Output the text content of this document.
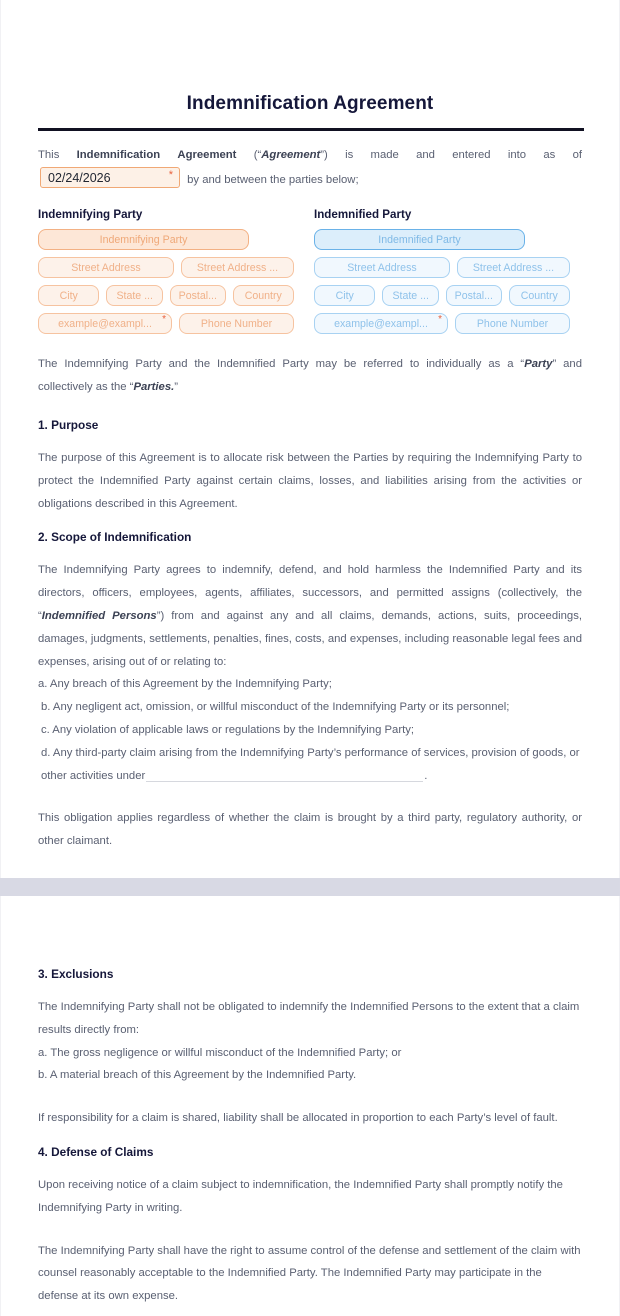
Indemnification Agreement
This Indemnification Agreement (“Agreement”) is made and entered into as of
02/24/2026	* by and between the parties below;
Indemnifying Party
Indemnifying Party
Street Address	Street Address ...
City	State ...	Postal...	Country
example@exampl... *	Phone Number
Indemnified Party
Indemnified Party
Street Address	Street Address ...
City	State ...	Postal...	Country
example@exampl... *	Phone Number

The Indemnifying Party and the Indemnified Party may be referred to individually as a “Party” and collectively as the “Parties.”

1. Purpose

The purpose of this Agreement is to allocate risk between the Parties by requiring the Indemnifying Party to protect the Indemnified Party against certain claims, losses, and liabilities arising from the activities or obligations described in this Agreement.

2. Scope of Indemnification

The Indemnifying Party agrees to indemnify, defend, and hold harmless the Indemnified Party and its directors, officers, employees, agents, affiliates, successors, and permitted assigns (collectively, the “Indemnified Persons”) from and against any and all claims, demands, actions, suits, proceedings, damages, judgments, settlements, penalties, fines, costs, and expenses, including reasonable legal fees and expenses, arising out of or relating to:

a. Any breach of this Agreement by the Indemnifying Party;
b. Any negligent act, omission, or willful misconduct of the Indemnifying Party or its personnel;
c. Any violation of applicable laws or regulations by the Indemnifying Party;
d. Any third-party claim arising from the Indemnifying Party’s performance of services, provision of goods, or other activities under	.

This obligation applies regardless of whether the claim is brought by a third party, regulatory authority, or other claimant.

3. Exclusions

The Indemnifying Party shall not be obligated to indemnify the Indemnified Persons to the extent that a claim results directly from:

a. The gross negligence or willful misconduct of the Indemnified Party; or
b. A material breach of this Agreement by the Indemnified Party.

If responsibility for a claim is shared, liability shall be allocated in proportion to each Party’s level of fault.

4. Defense of Claims

Upon receiving notice of a claim subject to indemnification, the Indemnified Party shall promptly notify the Indemnifying Party in writing.

The Indemnifying Party shall have the right to assume control of the defense and settlement of the claim with counsel reasonably acceptable to the Indemnified Party. The Indemnified Party may participate in the defense at its own expense.
